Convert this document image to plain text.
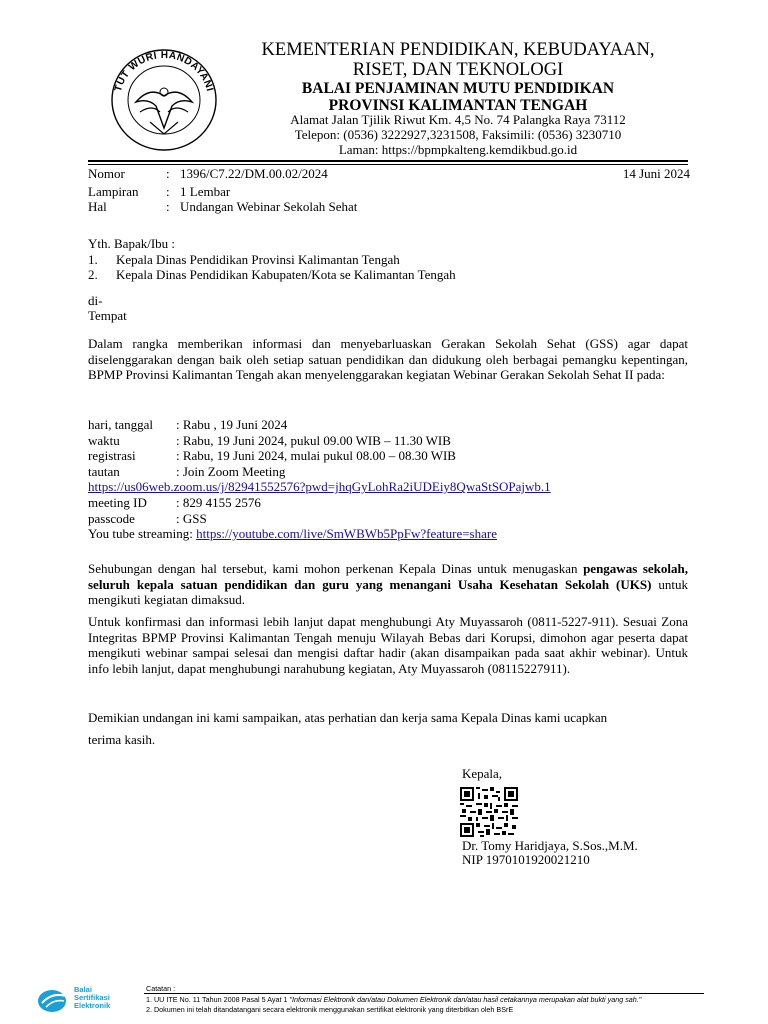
TUT WURI HANDAYANI
KEMENTERIAN PENDIDIKAN, KEBUDAYAAN,
RISET, DAN TEKNOLOGI
BALAI PENJAMINAN MUTU PENDIDIKAN
PROVINSI KALIMANTAN TENGAH
Alamat Jalan Tjilik Riwut Km. 4,5 No. 74 Palangka Raya 73112
Telepon: (0536) 3222927,3231508, Faksimili: (0536) 3230710
Laman: https://bpmpkalteng.kemdikbud.go.id
Nomor	: 1396/C7.22/DM.00.02/2024
Lampiran	: 1 Lembar
Hal	: Undangan Webinar Sekolah Sehat
14 Juni 2024
Yth. Bapak/Ibu :
1.	Kepala Dinas Pendidikan Provinsi Kalimantan Tengah
2.	Kepala Dinas Pendidikan Kabupaten/Kota se Kalimantan Tengah
di-
Tempat
Dalam rangka memberikan informasi dan menyebarluaskan Gerakan Sekolah Sehat (GSS) agar dapat diselenggarakan dengan baik oleh setiap satuan pendidikan dan didukung oleh berbagai pemangku kepentingan, BPMP Provinsi Kalimantan Tengah akan menyelenggarakan kegiatan Webinar Gerakan Sekolah Sehat II pada:
hari, tanggal	: Rabu , 19 Juni 2024
waktu	: Rabu, 19 Juni 2024, pukul 09.00 WIB – 11.30 WIB
registrasi	: Rabu, 19 Juni 2024, mulai pukul 08.00 – 08.30 WIB
tautan	: Join Zoom Meeting
https://us06web.zoom.us/j/82941552576?pwd=jhqGyLohRa2iUDEiy8QwaStSOPajwb.1
meeting ID	: 829 4155 2576
passcode	: GSS
You tube streaming: https://youtube.com/live/SmWBWb5PpFw?feature=share
Sehubungan dengan hal tersebut, kami mohon perkenan Kepala Dinas untuk menugaskan pengawas sekolah, seluruh kepala satuan pendidikan dan guru yang menangani Usaha Kesehatan Sekolah (UKS) untuk mengikuti kegiatan dimaksud.
Untuk konfirmasi dan informasi lebih lanjut dapat menghubungi Aty Muyassaroh (0811-5227-911). Sesuai Zona Integritas BPMP Provinsi Kalimantan Tengah menuju Wilayah Bebas dari Korupsi, dimohon agar peserta dapat mengikuti webinar sampai selesai dan mengisi daftar hadir (akan disampaikan pada saat akhir webinar). Untuk info lebih lanjut, dapat menghubungi narahubung kegiatan, Aty Muyassaroh (08115227911).
Demikian undangan ini kami sampaikan, atas perhatian dan kerja sama Kepala Dinas kami ucapkan
terima kasih.
Kepala,
Dr. Tomy Haridjaya, S.Sos.,M.M.
NIP 197010192002121​0
Balai
Sertifikasi
Elektronik
Catatan :
1. UU ITE No. 11 Tahun 2008 Pasal 5 Ayat 1 "Informasi Elektronik dan/atau Dokumen Elektronik dan/atau hasil cetakannya merupakan alat bukti yang sah."
2. Dokumen ini telah ditandatangani secara elektronik menggunakan sertifikat elektronik yang diterbitkan oleh BSrE
